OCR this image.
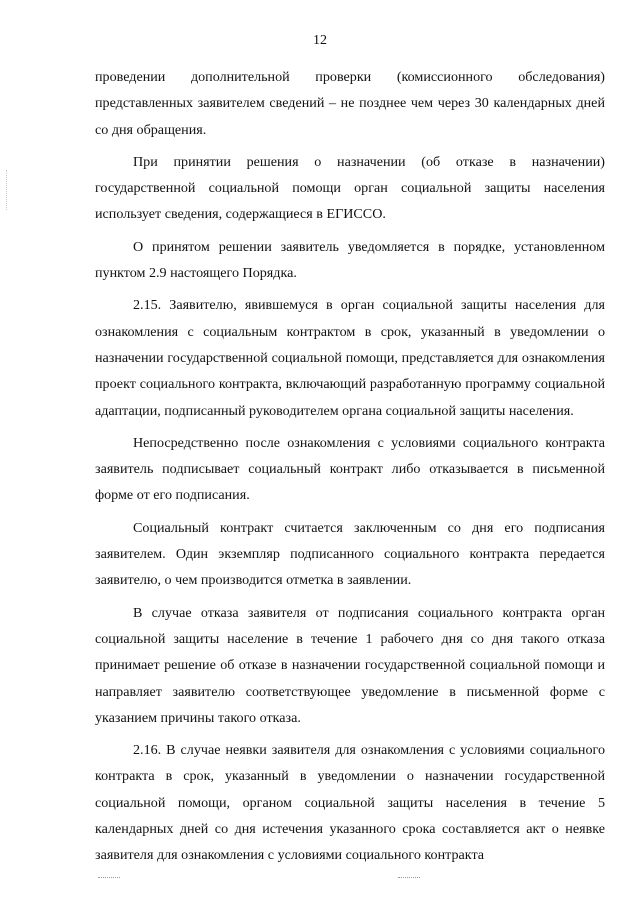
12

проведении дополнительной проверки (комиссионного обследования) представленных заявителем сведений – не позднее чем через 30 календарных дней со дня обращения.

При принятии решения о назначении (об отказе в назначении) государственной социальной помощи орган социальной защиты населения использует сведения, содержащиеся в ЕГИССО.

О принятом решении заявитель уведомляется в порядке, установленном пунктом 2.9 настоящего Порядка.

2.15. Заявителю, явившемуся в орган социальной защиты населения для ознакомления с социальным контрактом в срок, указанный в уведомлении о назначении государственной социальной помощи, представляется для ознакомления проект социального контракта, включающий разработанную программу социальной адаптации, подписанный руководителем органа социальной защиты населения.

Непосредственно после ознакомления с условиями социального контракта заявитель подписывает социальный контракт либо отказывается в письменной форме от его подписания.

Социальный контракт считается заключенным со дня его подписания заявителем. Один экземпляр подписанного социального контракта передается заявителю, о чем производится отметка в заявлении.

В случае отказа заявителя от подписания социального контракта орган социальной защиты население в течение 1 рабочего дня со дня такого отказа принимает решение об отказе в назначении государственной социальной помощи и направляет заявителю соответствующее уведомление в письменной форме с указанием причины такого отказа.

2.16. В случае неявки заявителя для ознакомления с условиями социального контракта в срок, указанный в уведомлении о назначении государственной социальной помощи, органом социальной защиты населения в течение 5 календарных дней со дня истечения указанного срока составляется акт о неявке заявителя для ознакомления с условиями социального контракта
